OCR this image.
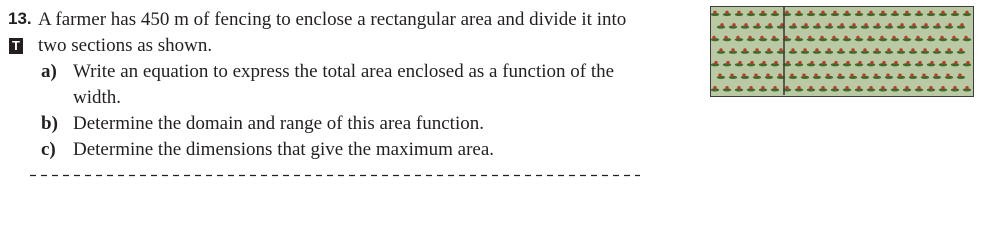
13.
T
A farmer has 450 m of fencing to enclose a rectangular area and divide it into
two sections as shown.
a) Write an equation to express the total area enclosed as a function of the
width.
b) Determine the domain and range of this area function.
c) Determine the dimensions that give the maximum area.
